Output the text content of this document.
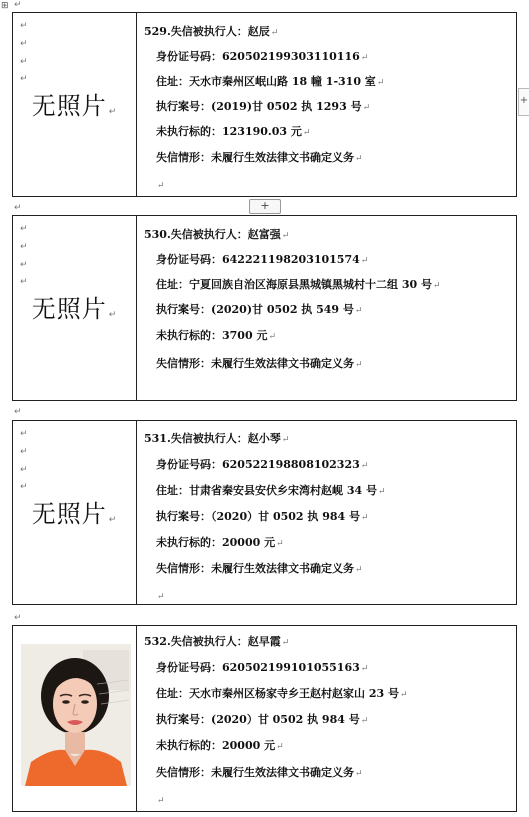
⊞
+
↵
↵
↵
↵
+
↵
↵
↵
↵
无照片 ↵
529.失信被执行人：赵辰↵
身份证号码：620502199303110116↵
住址：天水市秦州区岷山路 18 幢 1-310 室↵
执行案号：(2019)甘 0502 执 1293 号↵
未执行标的：123190.03 元↵
失信情形：未履行生效法律文书确定义务↵
↵
↵
↵
↵
↵
无照片 ↵
530.失信被执行人：赵富强↵
身份证号码：642221198203101574↵
住址：宁夏回族自治区海原县黑城镇黑城村十二组 30 号↵
执行案号：(2020)甘 0502 执 549 号↵
未执行标的：3700 元↵
失信情形：未履行生效法律文书确定义务↵
↵
↵
↵
↵
无照片 ↵
531.失信被执行人：赵小琴↵
身份证号码：620522198808102323↵
住址：甘肃省秦安县安伏乡宋湾村赵岘 34 号↵
执行案号：（2020）甘 0502 执 984 号↵
未执行标的：20000 元↵
失信情形：未履行生效法律文书确定义务↵
↵
532.失信被执行人：赵早霞↵
身份证号码：620502199101055163↵
住址：天水市秦州区杨家寺乡王赵村赵家山 23 号↵
执行案号：(2020）甘 0502 执 984 号↵
未执行标的：20000 元↵
失信情形：未履行生效法律文书确定义务↵
↵
